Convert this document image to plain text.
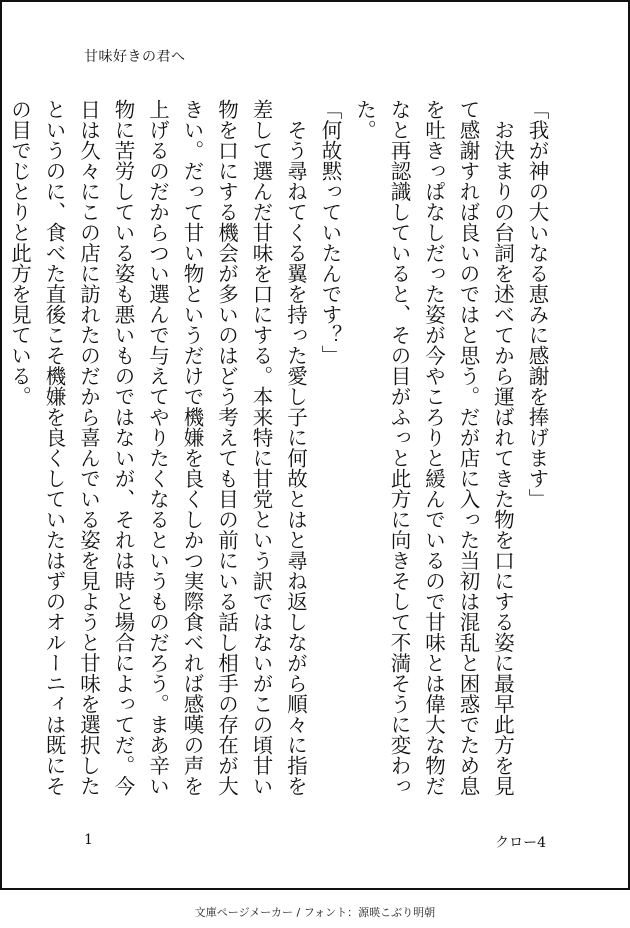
甘味好きの君へ

「我が神の大いなる恵みに感謝を捧げます」

　お決まりの台詞を述べてから運ばれてきた物を口にする姿に最早此方を見て感謝すれば良いのではと思う。だが店に入った当初は混乱と困惑でため息を吐きっぱなしだった姿が今やころりと緩んでいるので甘味とは偉大な物だなと再認識していると、その目がふっと此方に向きそして不満そうに変わった。

「何故黙っていたんです？」

　そう尋ねてくる翼を持った愛し子に何故とはと尋ね返しながら順々に指を差して選んだ甘味を口にする。本来特に甘党という訳ではないがこの頃甘い物を口にする機会が多いのはどう考えても目の前にいる話し相手の存在が大きい。だって甘い物というだけで機嫌を良くしかつ実際食べれば感嘆の声を上げるのだからつい選んで与えてやりたくなるというものだろう。まあ辛い物に苦労している姿も悪いものではないが、それは時と場合によってだ。今日は久々にこの店に訪れたのだから喜んでいる姿を見ようと甘味を選択したというのに、食べた直後こそ機嫌を良くしていたはずのオルーニィは既にその目でじとりと此方を見ている。

1	クロー4
文庫ページメーカー / フォント：源暎こぶり明朝
